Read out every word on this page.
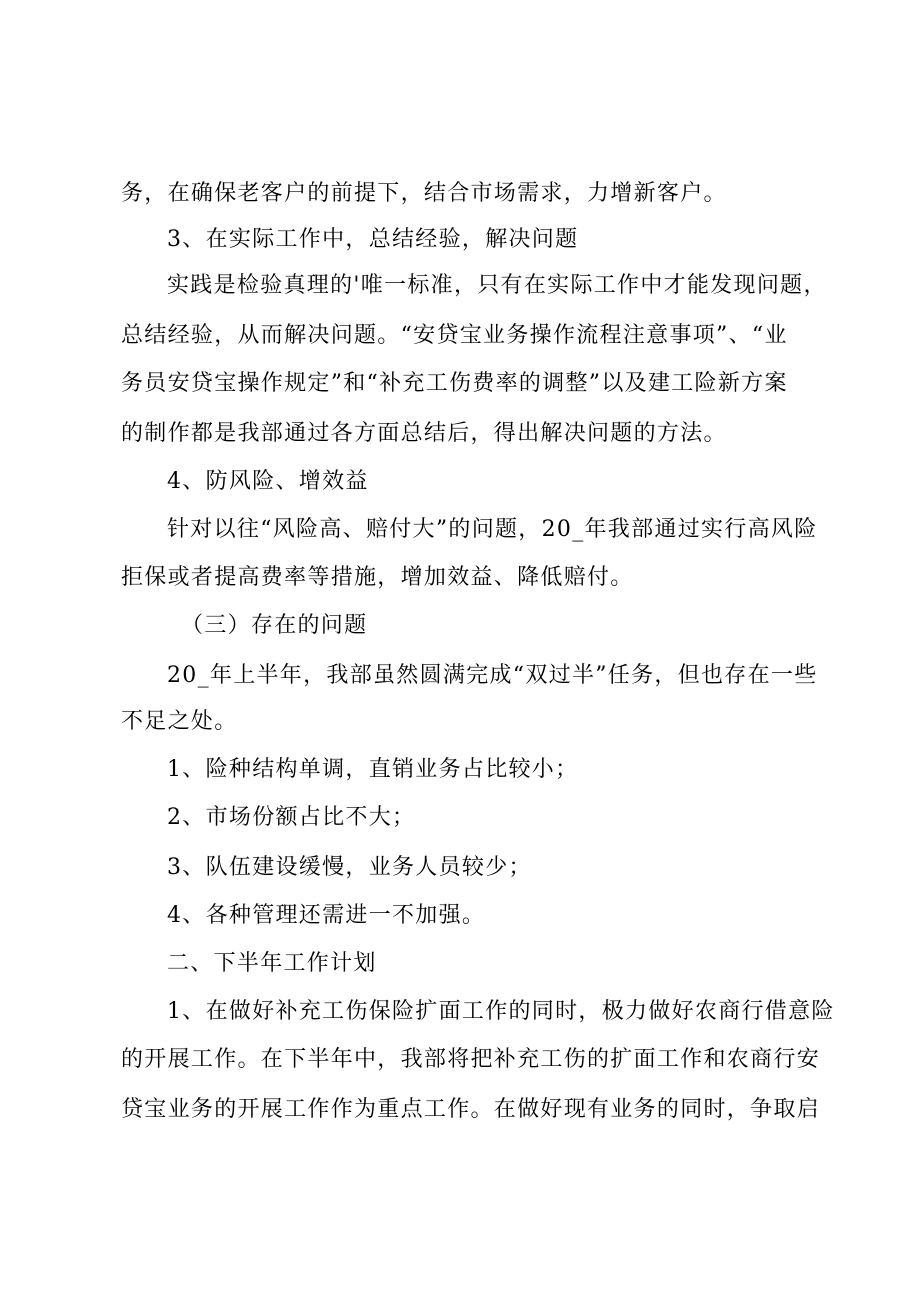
务，在确保老客户的前提下，结合市场需求，力增新客户。
3、在实际工作中，总结经验，解决问题
实践是检验真理的'唯一标准，只有在实际工作中才能发现问题，
总结经验，从而解决问题。“安贷宝业务操作流程注意事项”、“业
务员安贷宝操作规定”和“补充工伤费率的调整”以及建工险新方案
的制作都是我部通过各方面总结后，得出解决问题的方法。
4、防风险、增效益
针对以往“风险高、赔付大”的问题，20_年我部通过实行高风险
拒保或者提高费率等措施，增加效益、降低赔付。
（三）存在的问题
20_年上半年，我部虽然圆满完成“双过半”任务，但也存在一些
不足之处。
1、险种结构单调，直销业务占比较小；
2、市场份额占比不大；
3、队伍建设缓慢，业务人员较少；
4、各种管理还需进一不加强。
二、下半年工作计划
1、在做好补充工伤保险扩面工作的同时，极力做好农商行借意险
的开展工作。在下半年中，我部将把补充工伤的扩面工作和农商行安
贷宝业务的开展工作作为重点工作。在做好现有业务的同时，争取启
